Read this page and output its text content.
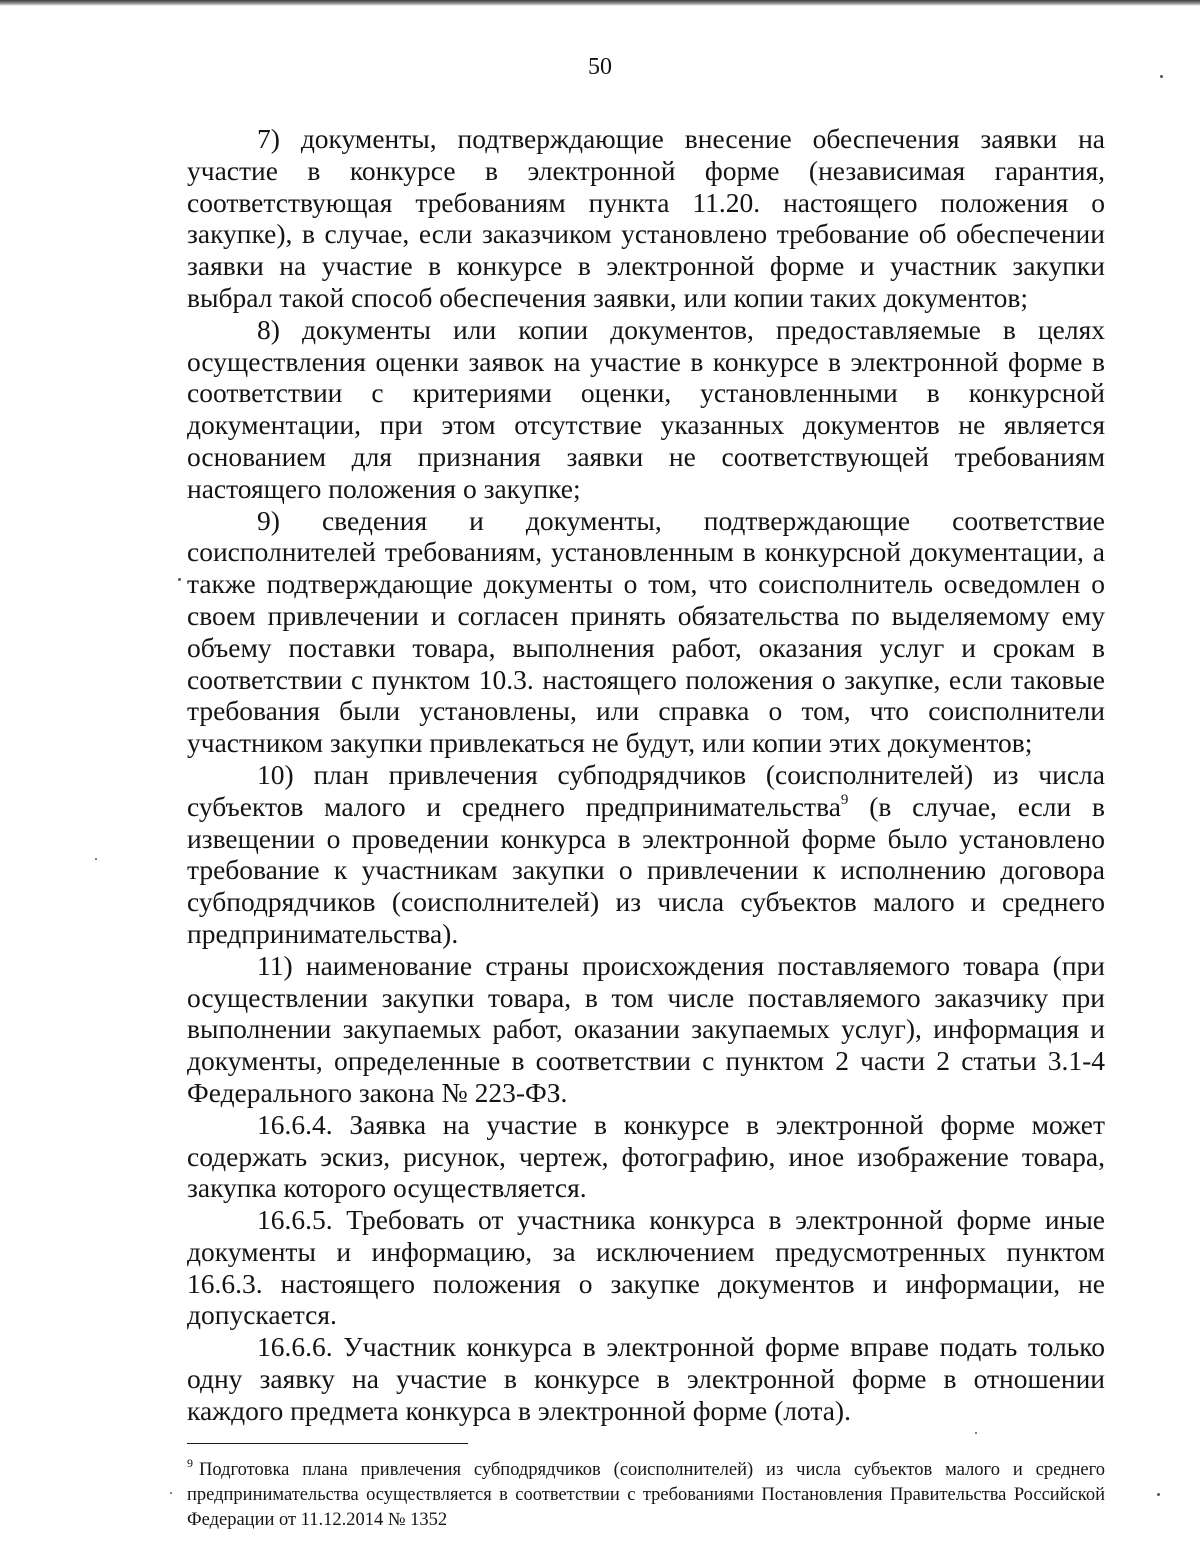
50

7) документы, подтверждающие внесение обеспечения заявки на участие в конкурсе в электронной форме (независимая гарантия, соответствующая требованиям пункта 11.20. настоящего положения о закупке), в случае, если заказчиком установлено требование об обеспечении заявки на участие в конкурсе в электронной форме и участник закупки выбрал такой способ обеспечения заявки, или копии таких документов;

8) документы или копии документов, предоставляемые в целях осуществления оценки заявок на участие в конкурсе в электронной форме в соответствии с критериями оценки, установленными в конкурсной документации, при этом отсутствие указанных документов не является основанием для признания заявки не соответствующей требованиям настоящего положения о закупке;

9) сведения и документы, подтверждающие соответствие соисполнителей требованиям, установленным в конкурсной документации, а также подтверждающие документы о том, что соисполнитель осведомлен о своем привлечении и согласен принять обязательства по выделяемому ему объему поставки товара, выполнения работ, оказания услуг и срокам в соответствии с пунктом 10.3. настоящего положения о закупке, если таковые требования были установлены, или справка о том, что соисполнители участником закупки привлекаться не будут, или копии этих документов;

10) план привлечения субподрядчиков (соисполнителей) из числа субъектов малого и среднего предпринимательства$^9$ (в случае, если в извещении о проведении конкурса в электронной форме было установлено требование к участникам закупки о привлечении к исполнению договора субподрядчиков (соисполнителей) из числа субъектов малого и среднего предпринимательства).

11) наименование страны происхождения поставляемого товара (при осуществлении закупки товара, в том числе поставляемого заказчику при выполнении закупаемых работ, оказании закупаемых услуг), информация и документы, определенные в соответствии с пунктом 2 части 2 статьи 3.1-4 Федерального закона № 223-ФЗ.

16.6.4. Заявка на участие в конкурсе в электронной форме может содержать эскиз, рисунок, чертеж, фотографию, иное изображение товара, закупка которого осуществляется.

16.6.5. Требовать от участника конкурса в электронной форме иные документы и информацию, за исключением предусмотренных пунктом 16.6.3. настоящего положения о закупке документов и информации, не допускается.

16.6.6. Участник конкурса в электронной форме вправе подать только одну заявку на участие в конкурсе в электронной форме в отношении каждого предмета конкурса в электронной форме (лота).

$^9$ Подготовка плана привлечения субподрядчиков (соисполнителей) из числа субъектов малого и среднего предпринимательства осуществляется в соответствии с требованиями Постановления Правительства Российской Федерации от 11.12.2014 № 1352
